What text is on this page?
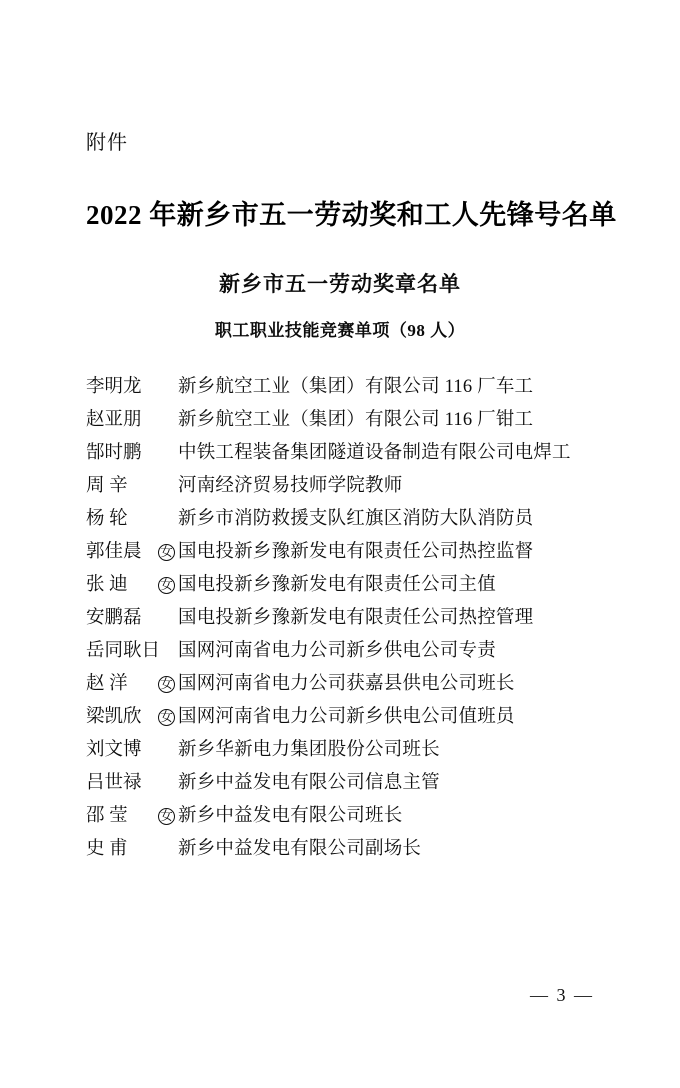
附件
2022 年新乡市五一劳动奖和工人先锋号名单
新乡市五一劳动奖章名单
职工职业技能竞赛单项（98 人）
李明龙	新乡航空工业（集团）有限公司 116 厂车工
赵亚朋	新乡航空工业（集团）有限公司 116 厂钳工
郜时鹏	中铁工程装备集团隧道设备制造有限公司电焊工
周 辛	河南经济贸易技师学院教师
杨 轮	新乡市消防救援支队红旗区消防大队消防员
郭佳晨	女 国电投新乡豫新发电有限责任公司热控监督
张 迪	女 国电投新乡豫新发电有限责任公司主值
安鹏磊	国电投新乡豫新发电有限责任公司热控管理
岳同耿日 国网河南省电力公司新乡供电公司专责
赵 洋	女 国网河南省电力公司获嘉县供电公司班长
梁凯欣	女 国网河南省电力公司新乡供电公司值班员
刘文博	新乡华新电力集团股份公司班长
吕世禄	新乡中益发电有限公司信息主管
邵 莹	女 新乡中益发电有限公司班长
史 甫	新乡中益发电有限公司副场长
— 3 —
